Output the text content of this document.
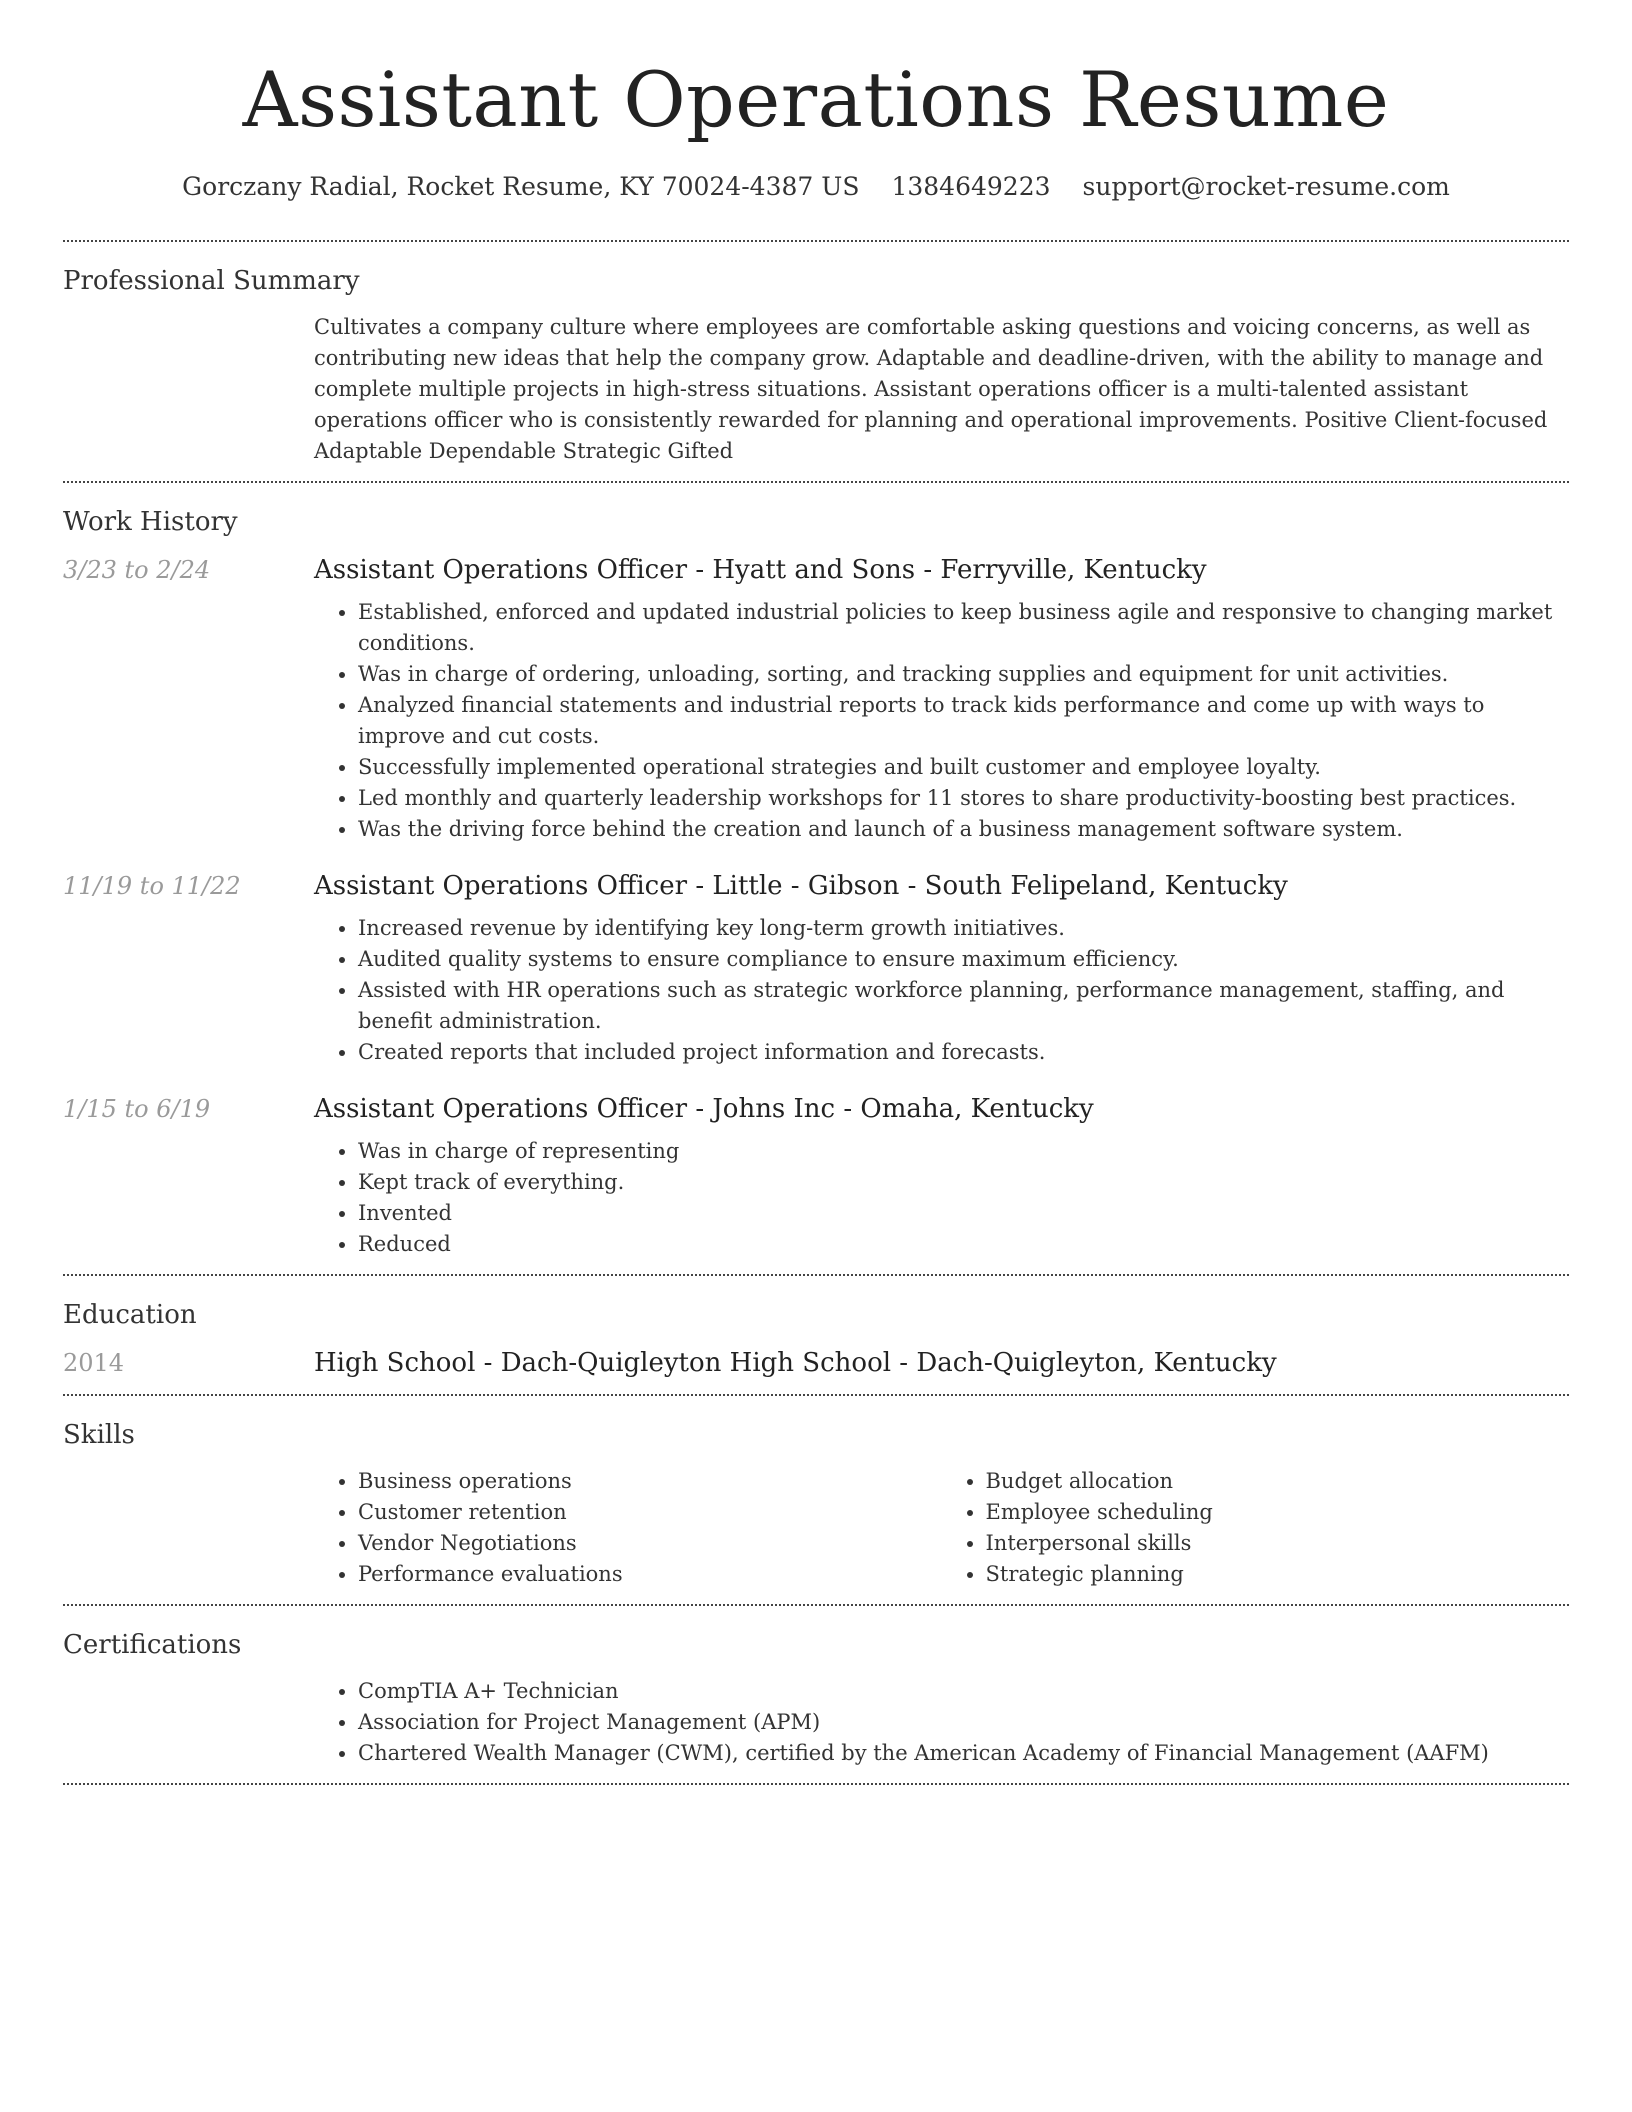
Assistant Operations Resume
Gorczany Radial, Rocket Resume, KY 70024-4387 US 1384649223 support@rocket-resume.com
Professional Summary

Cultivates a company culture where employees are comfortable asking questions and voicing concerns, as well as contributing new ideas that help the company grow. Adaptable and deadline-driven, with the ability to manage and complete multiple projects in high-stress situations. Assistant operations officer is a multi-talented assistant operations officer who is consistently rewarded for planning and operational improvements. Positive Client-focused Adaptable Dependable Strategic Gifted

Work History
3/23 to 2/24	Assistant Operations Officer - Hyatt and Sons - Ferryville, Kentucky
• Established, enforced and updated industrial policies to keep business agile and responsive to changing market conditions.
• Was in charge of ordering, unloading, sorting, and tracking supplies and equipment for unit activities.
• Analyzed financial statements and industrial reports to track kids performance and come up with ways to improve and cut costs.
• Successfully implemented operational strategies and built customer and employee loyalty.
• Led monthly and quarterly leadership workshops for 11 stores to share productivity-boosting best practices.
• Was the driving force behind the creation and launch of a business management software system.
11/19 to 11/22	Assistant Operations Officer - Little - Gibson - South Felipeland, Kentucky
• Increased revenue by identifying key long-term growth initiatives.
• Audited quality systems to ensure compliance to ensure maximum efficiency.
• Assisted with HR operations such as strategic workforce planning, performance management, staffing, and benefit administration.
• Created reports that included project information and forecasts.
1/15 to 6/19	Assistant Operations Officer - Johns Inc - Omaha, Kentucky
• Was in charge of representing
• Kept track of everything.
• Invented
• Reduced
Education
2014	High School - Dach-Quigleyton High School - Dach-Quigleyton, Kentucky
Skills
• Business operations
• Customer retention
• Vendor Negotiations
• Performance evaluations
• Budget allocation
• Employee scheduling
• Interpersonal skills
• Strategic planning
Certifications
• CompTIA A+ Technician
• Association for Project Management (APM)
• Chartered Wealth Manager (CWM), certified by the American Academy of Financial Management (AAFM)
